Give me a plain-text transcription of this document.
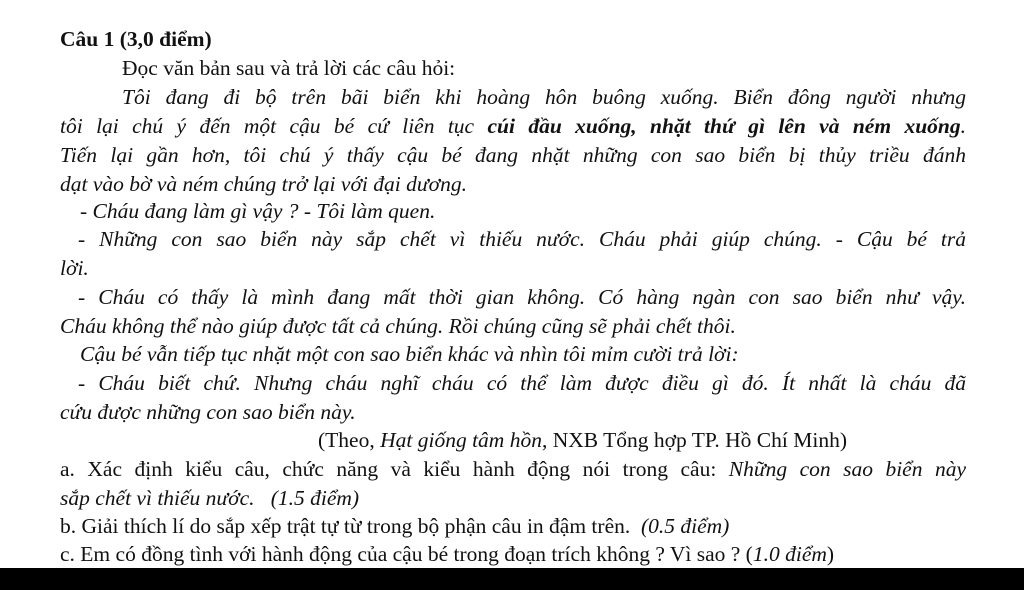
Câu 1 (3,0 điểm)

Đọc văn bản sau và trả lời các câu hỏi:

Tôi đang đi bộ trên bãi biển khi hoàng hôn buông xuống. Biển đông người nhưng

tôi lại chú ý đến một cậu bé cứ liên tục cúi đầu xuống, nhặt thứ gì lên và ném xuống.

Tiến lại gần hơn, tôi chú ý thấy cậu bé đang nhặt những con sao biển bị thủy triều đánh

dạt vào bờ và ném chúng trở lại với đại dương.

- Cháu đang làm gì vậy ? - Tôi làm quen.

- Những con sao biển này sắp chết vì thiếu nước. Cháu phải giúp chúng. - Cậu bé trả

lời.

- Cháu có thấy là mình đang mất thời gian không. Có hàng ngàn con sao biển như vậy.

Cháu không thể nào giúp được tất cả chúng. Rồi chúng cũng sẽ phải chết thôi.

Cậu bé vẫn tiếp tục nhặt một con sao biển khác và nhìn tôi mỉm cười trả lời:

- Cháu biết chứ. Nhưng cháu nghĩ cháu có thể làm được điều gì đó. Ít nhất là cháu đã

cứu được những con sao biển này.

(Theo, Hạt giống tâm hồn, NXB Tổng hợp TP. Hồ Chí Minh)

a. Xác định kiểu câu, chức năng và kiểu hành động nói trong câu: Những con sao biển này

sắp chết vì thiếu nước.   (1.5 điểm)

b. Giải thích lí do sắp xếp trật tự từ trong bộ phận câu in đậm trên.  (0.5 điểm)

c. Em có đồng tình với hành động của cậu bé trong đoạn trích không ? Vì sao ? (1.0 điểm)
